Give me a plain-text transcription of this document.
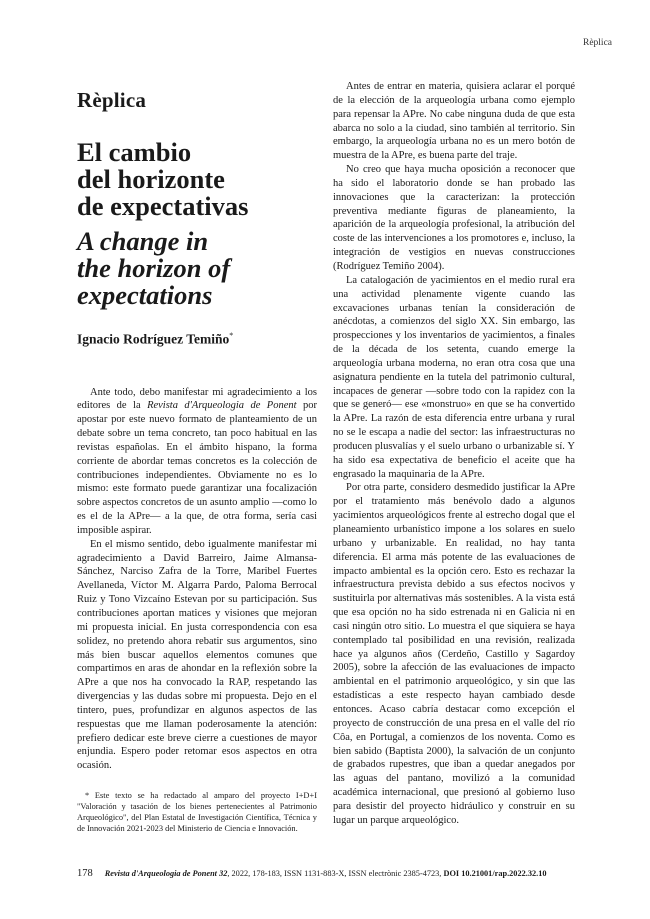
Rèplica
Rèplica
El cambio
del horizonte
de expectativas
A change in
the horizon of
expectations
Ignacio Rodríguez Temiño*

Ante todo, debo manifestar mi agradecimiento a los editores de la Revista d'Arqueologia de Ponent por apostar por este nuevo formato de planteamiento de un debate sobre un tema concreto, tan poco habitual en las revistas españolas. En el ámbito hispano, la forma corriente de abordar temas concretos es la colección de contribuciones independientes. Obviamente no es lo mismo: este formato puede garantizar una focalización sobre aspectos concretos de un asunto amplio —como lo es el de la APre— a la que, de otra forma, sería casi imposible aspirar.

En el mismo sentido, debo igualmente manifestar mi agradecimiento a David Barreiro, Jaime Almansa-Sánchez, Narciso Zafra de la Torre, Maribel Fuertes Avellaneda, Víctor M. Algarra Pardo, Paloma Berrocal Ruiz y Tono Vizcaíno Estevan por su participación. Sus contribuciones aportan matices y visiones que mejoran mi propuesta inicial. En justa correspondencia con esa solidez, no pretendo ahora rebatir sus argumentos, sino más bien buscar aquellos elementos comunes que compartimos en aras de ahondar en la reflexión sobre la APre a que nos ha convocado la RAP, respetando las divergencias y las dudas sobre mi propuesta. Dejo en el tintero, pues, profundizar en algunos aspectos de las respuestas que me llaman poderosamente la atención: prefiero dedicar este breve cierre a cuestiones de mayor enjundia. Espero poder retomar esos aspectos en otra ocasión.

Antes de entrar en materia, quisiera aclarar el porqué de la elección de la arqueología urbana como ejemplo para repensar la APre. No cabe ninguna duda de que esta abarca no solo a la ciudad, sino también al territorio. Sin embargo, la arqueología urbana no es un mero botón de muestra de la APre, es buena parte del traje.

No creo que haya mucha oposición a reconocer que ha sido el laboratorio donde se han probado las innovaciones que la caracterizan: la protección preventiva mediante figuras de planeamiento, la aparición de la arqueología profesional, la atribución del coste de las intervenciones a los promotores e, incluso, la integración de vestigios en nuevas construcciones (Rodríguez Temiño 2004).

La catalogación de yacimientos en el medio rural era una actividad plenamente vigente cuando las excavaciones urbanas tenían la consideración de anécdotas, a comienzos del siglo XX. Sin embargo, las prospecciones y los inventarios de yacimientos, a finales de la década de los setenta, cuando emerge la arqueología urbana moderna, no eran otra cosa que una asignatura pendiente en la tutela del patrimonio cultural, incapaces de generar —sobre todo con la rapidez con la que se generó— ese «monstruo» en que se ha convertido la APre. La razón de esta diferencia entre urbana y rural no se le escapa a nadie del sector: las infraestructuras no producen plusvalías y el suelo urbano o urbanizable sí. Y ha sido esa expectativa de beneficio el aceite que ha engrasado la maquinaria de la APre.

Por otra parte, considero desmedido justificar la APre por el tratamiento más benévolo dado a algunos yacimientos arqueológicos frente al estrecho dogal que el planeamiento urbanístico impone a los solares en suelo urbano y urbanizable. En realidad, no hay tanta diferencia. El arma más potente de las evaluaciones de impacto ambiental es la opción cero. Esto es rechazar la infraestructura prevista debido a sus efectos nocivos y sustituirla por alternativas más sostenibles. A la vista está que esa opción no ha sido estrenada ni en Galicia ni en casi ningún otro sitio. Lo muestra el que siquiera se haya contemplado tal posibilidad en una revisión, realizada hace ya algunos años (Cerdeño, Castillo y Sagardoy 2005), sobre la afección de las evaluaciones de impacto ambiental en el patrimonio arqueológico, y sin que las estadísticas a este respecto hayan cambiado desde entonces. Acaso cabría destacar como excepción el proyecto de construcción de una presa en el valle del río Côa, en Portugal, a comienzos de los noventa. Como es bien sabido (Baptista 2000), la salvación de un conjunto de grabados rupestres, que iban a quedar anegados por las aguas del pantano, movilizó a la comunidad académica internacional, que presionó al gobierno luso para desistir del proyecto hidráulico y construir en su lugar un parque arqueológico.

* Este texto se ha redactado al amparo del proyecto I+D+I "Valoración y tasación de los bienes pertenecientes al Patrimonio Arqueológico", del Plan Estatal de Investigación Científica, Técnica y de Innovación 2021-2023 del Ministerio de Ciencia e Innovación.

178 Revista d'Arqueologia de Ponent 32, 2022, 178-183, ISSN 1131-883-X, ISSN electrònic 2385-4723, DOI 10.21001/rap.2022.32.10
